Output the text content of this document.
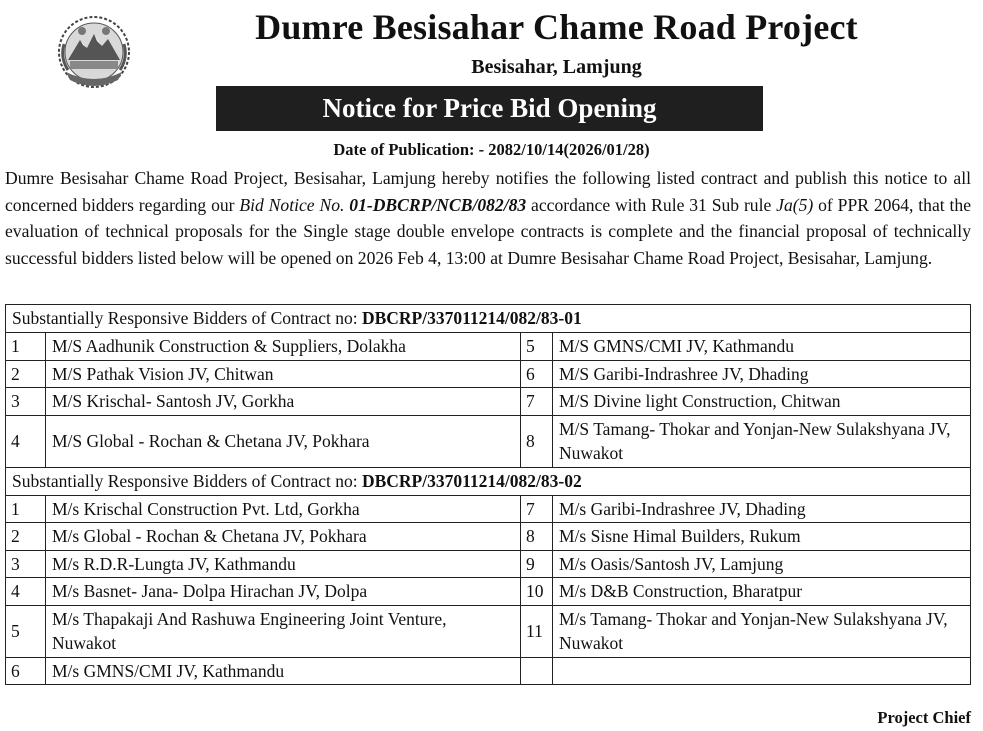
Dumre Besisahar Chame Road Project
Besisahar, Lamjung
Notice for Price Bid Opening
Date of Publication: - 2082/10/14(2026/01/28)
Dumre Besisahar Chame Road Project, Besisahar, Lamjung hereby notifies the following listed contract and publish this notice to all concerned bidders regarding our Bid Notice No. 01-DBCRP/NCB/082/83 accordance with Rule 31 Sub rule Ja(5) of PPR 2064, that the evaluation of technical proposals for the Single stage double envelope contracts is complete and the financial proposal of technically successful bidders listed below will be opened on 2026 Feb 4, 13:00 at Dumre Besisahar Chame Road Project, Besisahar, Lamjung.
Substantially Responsive Bidders of Contract no: DBCRP/337011214/082/83-01			
1	M/S Aadhunik Construction & Suppliers, Dolakha	5	M/S GMNS/CMI JV, Kathmandu
2	M/S Pathak Vision JV, Chitwan	6	M/S Garibi-Indrashree JV, Dhading
3	M/S Krischal- Santosh JV, Gorkha	7	M/S Divine light Construction, Chitwan
4	M/S Global - Rochan & Chetana JV, Pokhara	8	M/S Tamang- Thokar and Yonjan-New Sulakshyana JV, Nuwakot
Substantially Responsive Bidders of Contract no: DBCRP/337011214/082/83-02			
1	M/s Krischal Construction Pvt. Ltd, Gorkha	7	M/s Garibi-Indrashree JV, Dhading
2	M/s Global - Rochan & Chetana JV, Pokhara	8	M/s Sisne Himal Builders, Rukum
3	M/s R.D.R-Lungta JV, Kathmandu	9	M/s Oasis/Santosh JV, Lamjung
4	M/s Basnet- Jana- Dolpa Hirachan JV, Dolpa	10	M/s D&B Construction, Bharatpur
5	M/s Thapakaji And Rashuwa Engineering Joint Venture, Nuwakot	11	M/s Tamang- Thokar and Yonjan-New Sulakshyana JV, Nuwakot
6	M/s GMNS/CMI JV, Kathmandu		
Project Chief
